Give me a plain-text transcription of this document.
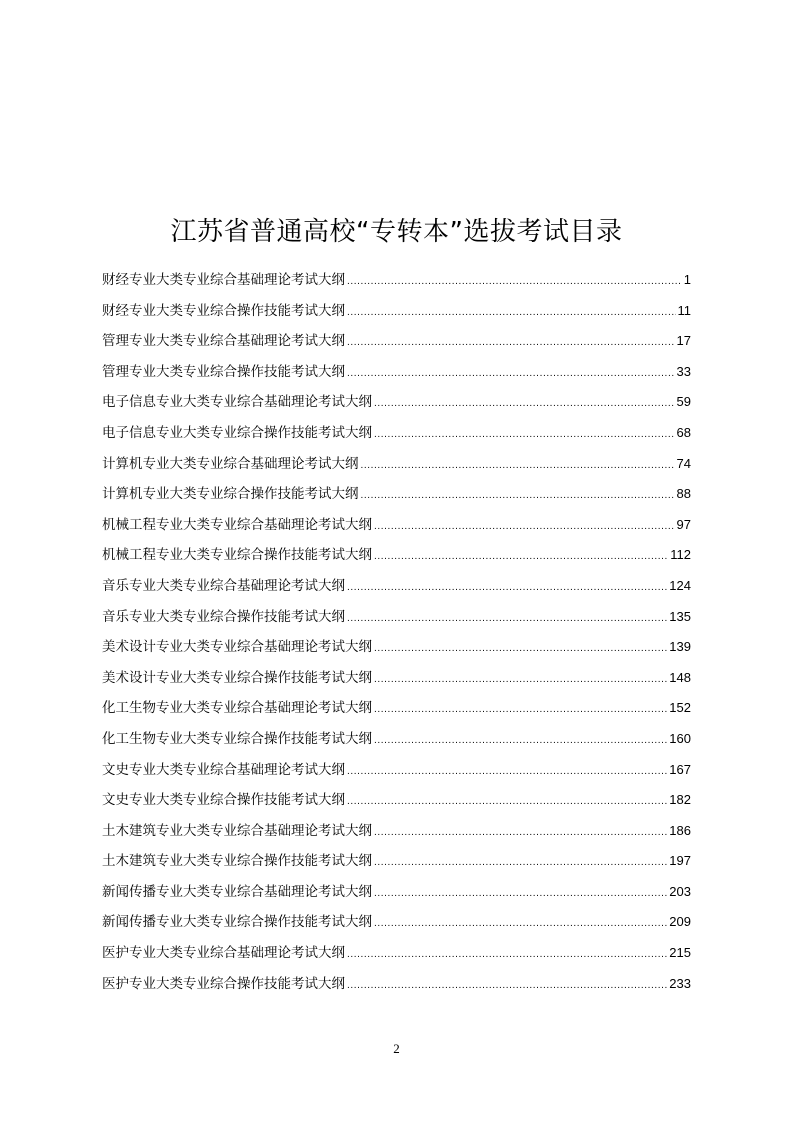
江苏省普通高校“专转本”选拔考试目录
财经专业大类专业综合基础理论考试大纲 .....	1
财经专业大类专业综合操作技能考试大纲 .....	11
管理专业大类专业综合基础理论考试大纲 .....	17
管理专业大类专业综合操作技能考试大纲 .....	33
电子信息专业大类专业综合基础理论考试大纲 .....	59
电子信息专业大类专业综合操作技能考试大纲 .....	68
计算机专业大类专业综合基础理论考试大纲 .....	74
计算机专业大类专业综合操作技能考试大纲 .....	88
机械工程专业大类专业综合基础理论考试大纲 .....	97
机械工程专业大类专业综合操作技能考试大纲 .....	112
音乐专业大类专业综合基础理论考试大纲 .....	124
音乐专业大类专业综合操作技能考试大纲 .....	135
美术设计专业大类专业综合基础理论考试大纲 .....	139
美术设计专业大类专业综合操作技能考试大纲 .....	148
化工生物专业大类专业综合基础理论考试大纲 .....	152
化工生物专业大类专业综合操作技能考试大纲 .....	160
文史专业大类专业综合基础理论考试大纲 .....	167
文史专业大类专业综合操作技能考试大纲 .....	182
土木建筑专业大类专业综合基础理论考试大纲 .....	186
土木建筑专业大类专业综合操作技能考试大纲 .....	197
新闻传播专业大类专业综合基础理论考试大纲 .....	203
新闻传播专业大类专业综合操作技能考试大纲 .....	209
医护专业大类专业综合基础理论考试大纲 .....	215
医护专业大类专业综合操作技能考试大纲 .....	233
2
